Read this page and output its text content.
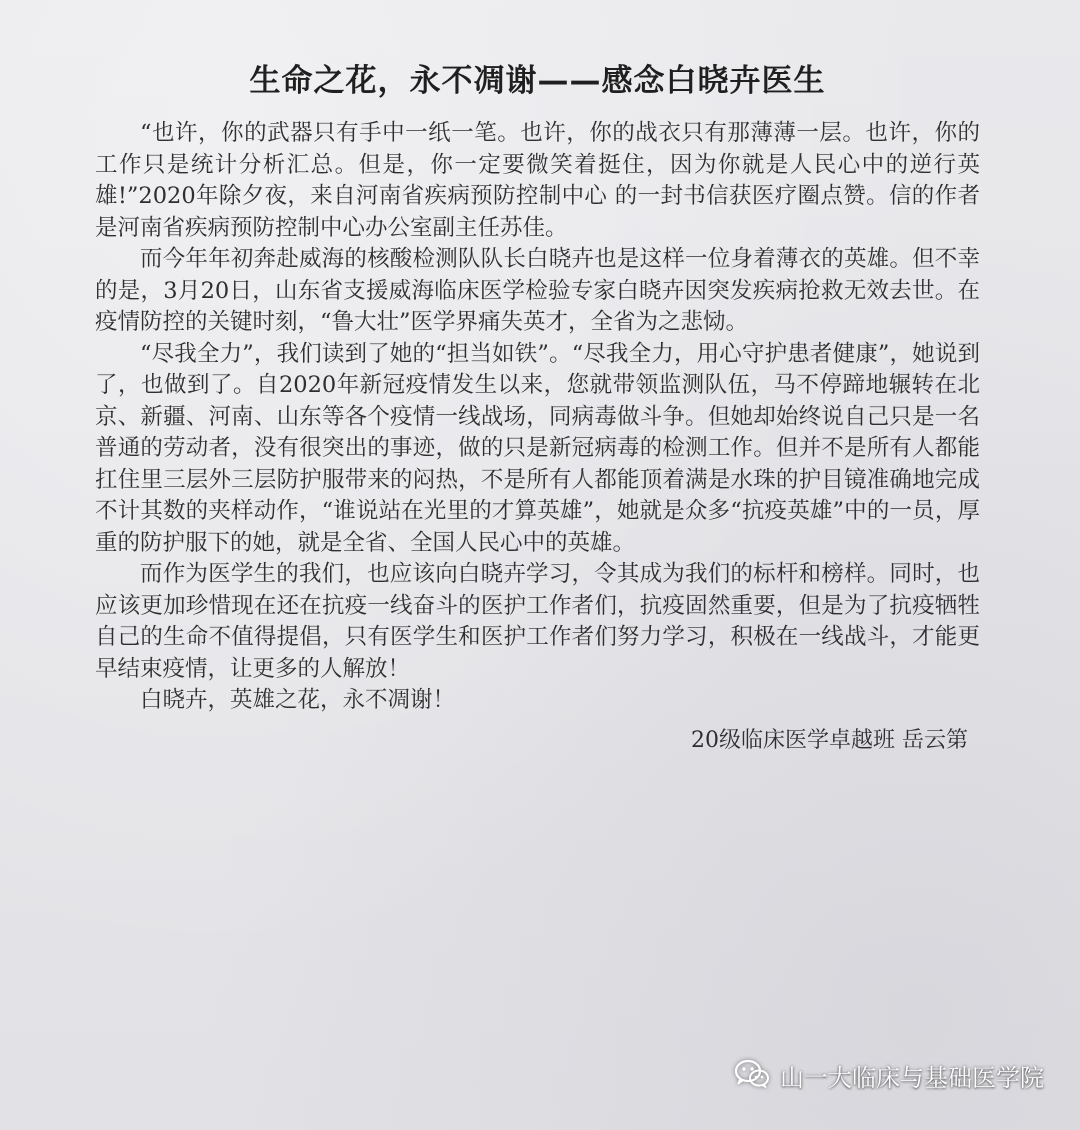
生命之花，永不凋谢——感念白晓卉医生

“也许，你的武器只有手中一纸一笔。也许，你的战衣只有那薄薄一层。也许，你的工作只是统计分析汇总。但是，你一定要微笑着挺住，因为你就是人民心中的逆行英雄!”2020年除夕夜，来自河南省疾病预防控制中心 的一封书信获医疗圈点赞。信的作者是河南省疾病预防控制中心办公室副主任苏佳。

而今年年初奔赴威海的核酸检测队队长白晓卉也是这样一位身着薄衣的英雄。但不幸的是，3月20日，山东省支援威海临床医学检验专家白晓卉因突发疾病抢救无效去世。在疫情防控的关键时刻，“鲁大壮”医学界痛失英才，全省为之悲恸。

“尽我全力”，我们读到了她的“担当如铁”。“尽我全力，用心守护患者健康”，她说到了，也做到了。自2020年新冠疫情发生以来，您就带领监测队伍，马不停蹄地辗转在北京、新疆、河南、山东等各个疫情一线战场，同病毒做斗争。但她却始终说自己只是一名普通的劳动者，没有很突出的事迹，做的只是新冠病毒的检测工作。但并不是所有人都能扛住里三层外三层防护服带来的闷热，不是所有人都能顶着满是水珠的护目镜准确地完成不计其数的夹样动作，“谁说站在光里的才算英雄”，她就是众多“抗疫英雄”中的一员，厚重的防护服下的她，就是全省、全国人民心中的英雄。

而作为医学生的我们，也应该向白晓卉学习，令其成为我们的标杆和榜样。同时，也应该更加珍惜现在还在抗疫一线奋斗的医护工作者们，抗疫固然重要，但是为了抗疫牺牲自己的生命不值得提倡，只有医学生和医护工作者们努力学习，积极在一线战斗，才能更早结束疫情，让更多的人解放！

白晓卉，英雄之花，永不凋谢！

20级临床医学卓越班 岳云第
山一大临床与基础医学院
